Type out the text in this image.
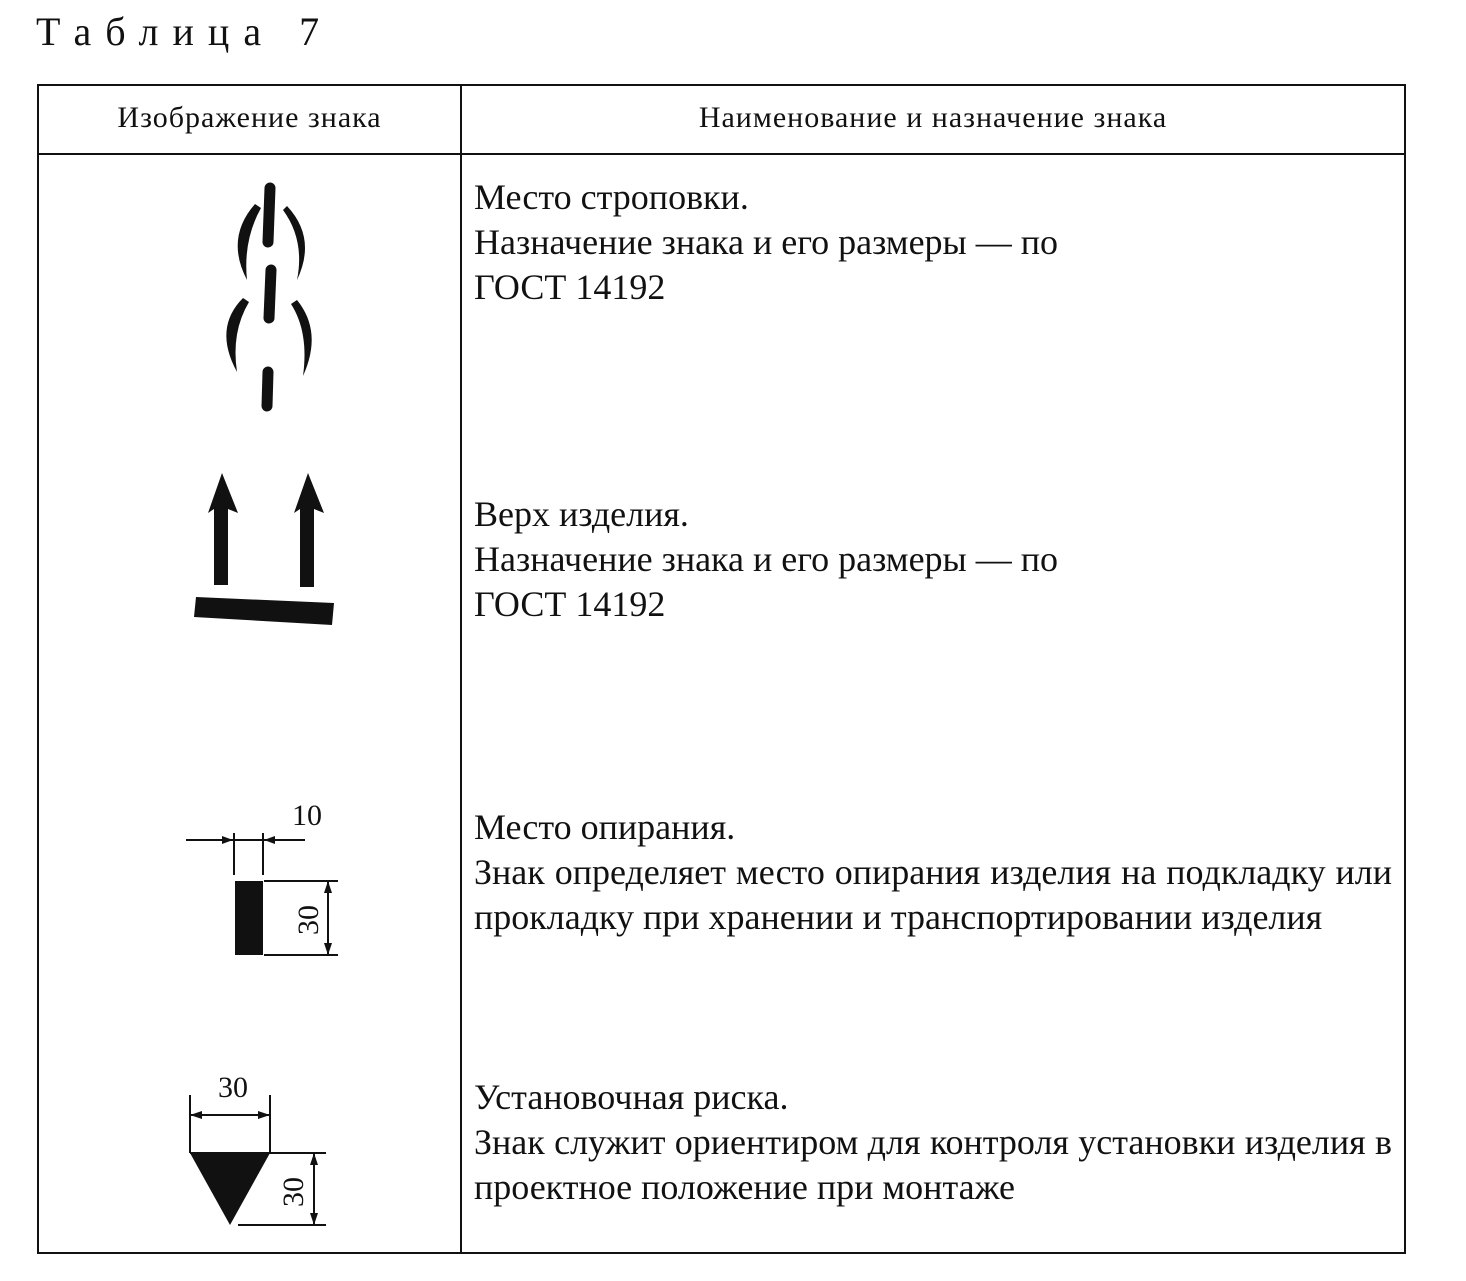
Таблица 7
Изображение знака	Наименование и назначение знака

Место строповки.

Назначение знака и его размеры — по ГОСТ 14192

Верх изделия.

Назначение знака и его размеры — по ГОСТ 14192

10
30

Место опирания.

Знак определяет место опирания изделия на подкладку или прокладку при хранении и транспортировании изделия

30
30

Установочная риска.

Знак служит ориентиром для контроля установки изделия в проектное положение при монтаже
